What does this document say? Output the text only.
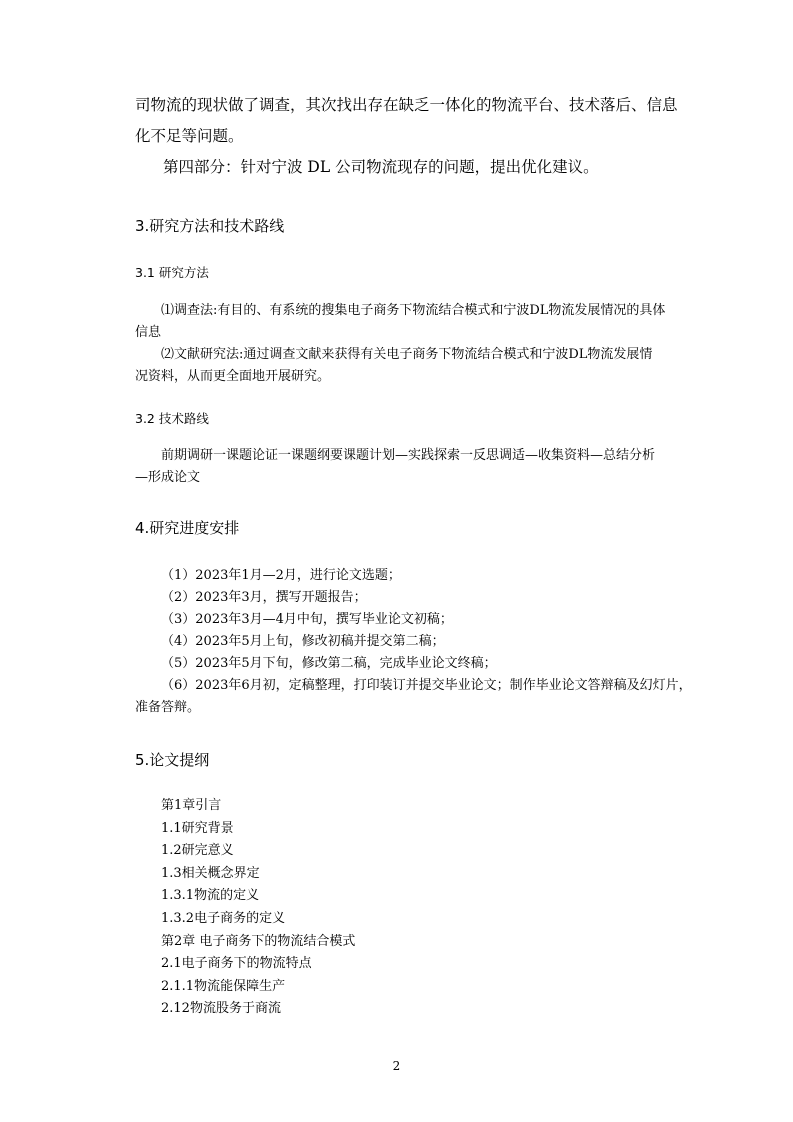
司物流的现状做了调查，其次找出存在缺乏一体化的物流平台、技术落后、信息
化不足等问题。
第四部分：针对宁波 DL 公司物流现存的问题，提出优化建议。
3.研究方法和技术路线
3.1 研究方法
⑴调查法:有目的、有系统的搜集电子商务下物流结合模式和宁波DL物流发展情况的具体
信息
⑵文献研究法:通过调查文献来获得有关电子商务下物流结合模式和宁波DL物流发展情
况资料，从而更全面地开展研究。
3.2 技术路线
前期调研一课题论证一课题纲要课题计划—实践探索一反思调适—收集资料—总结分析
—形成论文
4.研究进度安排
（1）2023年1月—2月，进行论文选题；
（2）2023年3月，撰写开题报告；
（3）2023年3月—4月中旬，撰写毕业论文初稿；
（4）2023年5月上旬，修改初稿并提交第二稿；
（5）2023年5月下旬，修改第二稿，完成毕业论文终稿；
（6）2023年6月初，定稿整理，打印装订并提交毕业论文；制作毕业论文答辩稿及幻灯片，
准备答辩。
5.论文提纲
第1章引言
1.1研究背景
1.2研完意义
1.3相关概念界定
1.3.1物流的定义
1.3.2电子商务的定义
第2章 电子商务下的物流结合模式
2.1电子商务下的物流特点
2.1.1物流能保障生产
2.12物流股务于商流
2
